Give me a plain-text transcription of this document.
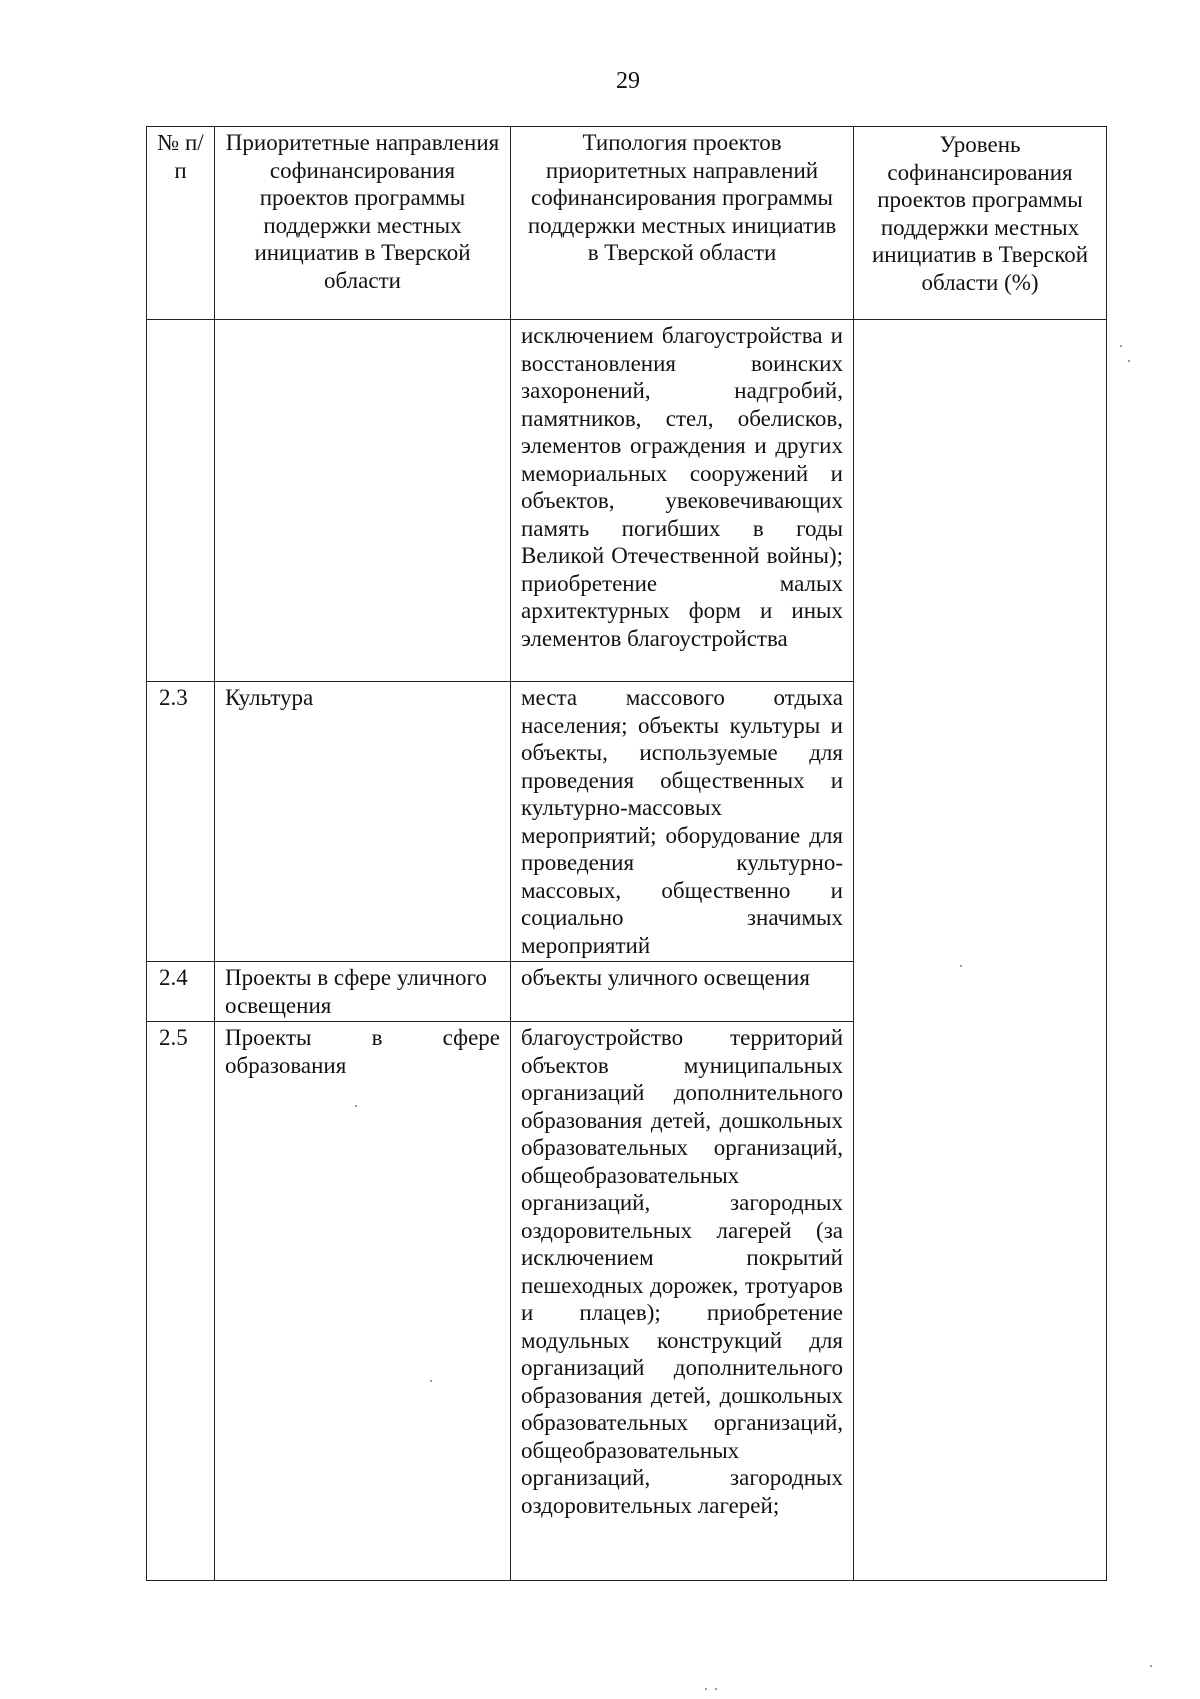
29
№ п/п	Приоритетные направления софинансирования проектов программы поддержки местных инициатив в Тверской области	Типология проектов приоритетных направлений софинансирования программы поддержки местных инициатив в Тверской области	Уровень софинансирования проектов программы поддержки местных инициатив в Тверской области (%)
		исключением благоустройства и восстановления воинских захоронений, надгробий, памятников, стел, обелисков, элементов ограждения и других мемориальных сооружений и объектов, увековечивающих память погибших в годы Великой Отечественной войны); приобретение малых архитектурных форм и иных элементов благоустройства	
2.3	Культура	места массового отдыха населения; объекты культуры и объекты, используемые для проведения общественных и культурно-массовых мероприятий; оборудование для проведения культурно-массовых, общественно и социально значимых мероприятий	
2.4	Проекты в сфере уличного освещения	объекты уличного освещения	
2.5	Проекты в сфере образования	благоустройство территорий объектов муниципальных организаций дополнительного образования детей, дошкольных образовательных организаций, общеобразовательных организаций, загородных оздоровительных лагерей (за исключением покрытий пешеходных дорожек, тротуаров и плацев); приобретение модульных конструкций для организаций дополнительного образования детей, дошкольных образовательных организаций, общеобразовательных организаций, загородных оздоровительных лагерей;	
